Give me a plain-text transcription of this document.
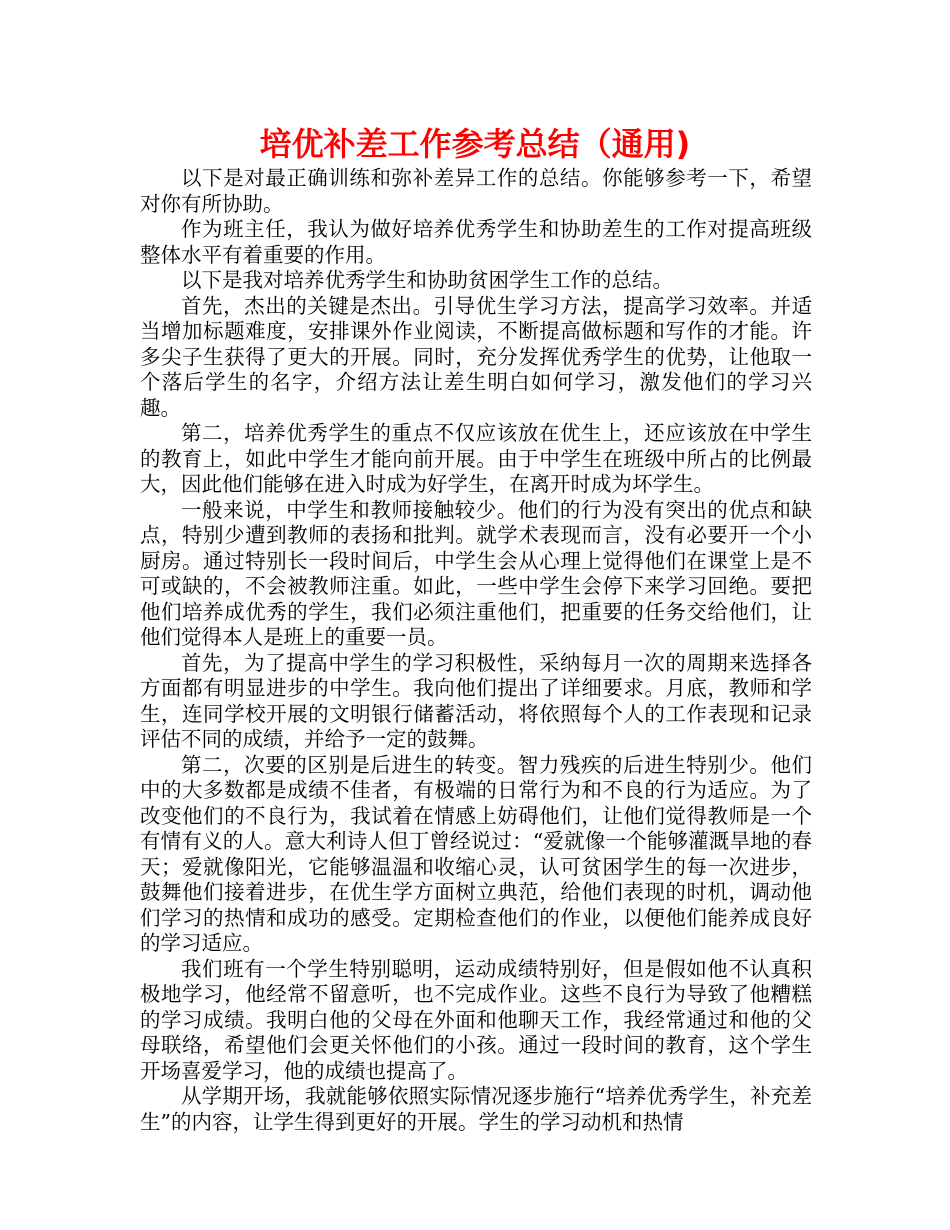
培优补差工作参考总结（通用)

以下是对最正确训练和弥补差异工作的总结。你能够参考一下，希望对你有所协助。

作为班主任，我认为做好培养优秀学生和协助差生的工作对提高班级整体水平有着重要的作用。

以下是我对培养优秀学生和协助贫困学生工作的总结。

首先，杰出的关键是杰出。引导优生学习方法，提高学习效率。并适当增加标题难度，安排课外作业阅读，不断提高做标题和写作的才能。许多尖子生获得了更大的开展。同时，充分发挥优秀学生的优势，让他取一个落后学生的名字，介绍方法让差生明白如何学习，激发他们的学习兴趣。

第二，培养优秀学生的重点不仅应该放在优生上，还应该放在中学生的教育上，如此中学生才能向前开展。由于中学生在班级中所占的比例最大，因此他们能够在进入时成为好学生，在离开时成为坏学生。

一般来说，中学生和教师接触较少。他们的行为没有突出的优点和缺点，特别少遭到教师的表扬和批判。就学术表现而言，没有必要开一个小厨房。通过特别长一段时间后，中学生会从心理上觉得他们在课堂上是不可或缺的，不会被教师注重。如此，一些中学生会停下来学习回绝。要把他们培养成优秀的学生，我们必须注重他们，把重要的任务交给他们，让他们觉得本人是班上的重要一员。

首先，为了提高中学生的学习积极性，采纳每月一次的周期来选择各方面都有明显进步的中学生。我向他们提出了详细要求。月底，教师和学生，连同学校开展的文明银行储蓄活动，将依照每个人的工作表现和记录评估不同的成绩，并给予一定的鼓舞。

第二，次要的区别是后进生的转变。智力残疾的后进生特别少。他们中的大多数都是成绩不佳者，有极端的日常行为和不良的行为适应。为了改变他们的不良行为，我试着在情感上妨碍他们，让他们觉得教师是一个有情有义的人。意大利诗人但丁曾经说过：“爱就像一个能够灌溉旱地的春天；爱就像阳光，它能够温温和收缩心灵，认可贫困学生的每一次进步，鼓舞他们接着进步，在优生学方面树立典范，给他们表现的时机，调动他们学习的热情和成功的感受。定期检查他们的作业，以便他们能养成良好的学习适应。

我们班有一个学生特别聪明，运动成绩特别好，但是假如他不认真积极地学习，他经常不留意听，也不完成作业。这些不良行为导致了他糟糕的学习成绩。我明白他的父母在外面和他聊天工作，我经常通过和他的父母联络，希望他们会更关怀他们的小孩。通过一段时间的教育，这个学生开场喜爱学习，他的成绩也提高了。

从学期开场，我就能够依照实际情况逐步施行“培养优秀学生，补充差生”的内容，让学生得到更好的开展。学生的学习动机和热情
